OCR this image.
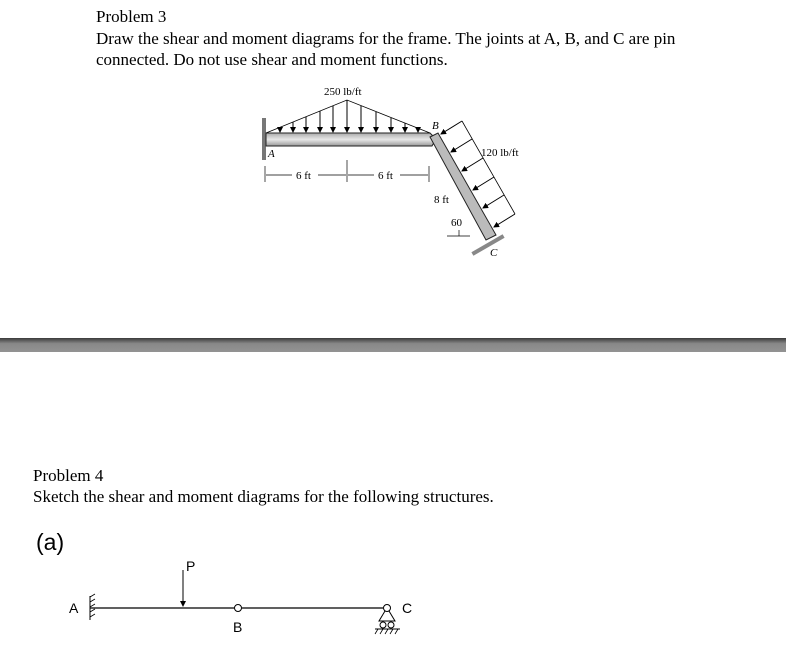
Problem 3
Draw the shear and moment diagrams for the frame. The joints at A, B, and C are pin
connected. Do not use shear and moment functions.
250 lb/ft
120 lb/ft
A
B
C
6 ft	6 ft
8 ft
60
A
P
B
C
Problem 4
Sketch the shear and moment diagrams for the following structures.
(a)
